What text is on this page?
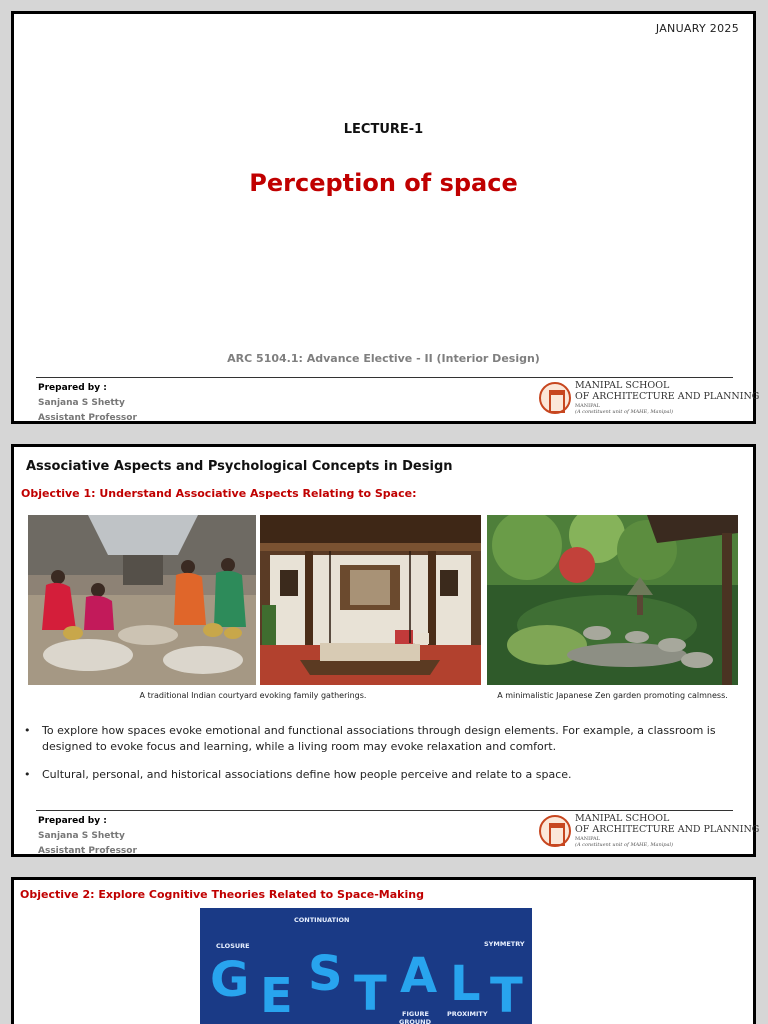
JANUARY 2025
LECTURE-1
Perception of space
ARC 5104.1: Advance Elective - II (Interior Design)
Prepared by :
Sanjana S Shetty
Assistant Professor
MANIPAL SCHOOL
OF ARCHITECTURE AND PLANNING
MANIPAL
(A constituent unit of MAHE, Manipal)
Associative Aspects and Psychological Concepts in Design
Objective 1: Understand Associative Aspects Relating to Space:
A traditional Indian courtyard evoking family gatherings.	A minimalistic Japanese Zen garden promoting calmness.
• To explore how spaces evoke emotional and functional associations through design elements. For example, a classroom is designed to evoke focus and learning, while a living room may evoke relaxation and comfort.
• Cultural, personal, and historical associations define how people perceive and relate to a space.
Prepared by :
Sanjana S Shetty
Assistant Professor
MANIPAL SCHOOL
OF ARCHITECTURE AND PLANNING
MANIPAL
(A constituent unit of MAHE, Manipal)
Objective 2: Explore Cognitive Theories Related to Space-Making
CONTINUATION
CLOSURE	SYMMETRY
FIGURE
GROUND
PROXIMITY
G E S T A L T
